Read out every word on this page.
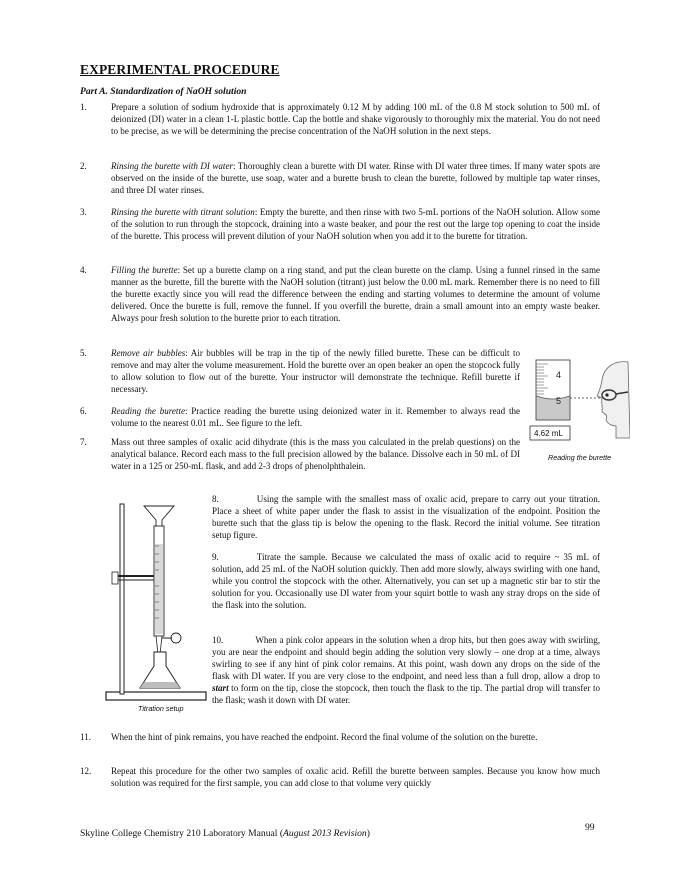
EXPERIMENTAL PROCEDURE
Part A. Standardization of NaOH solution
1.	Prepare a solution of sodium hydroxide that is approximately 0.12 M by adding 100 mL of the 0.8 M stock solution to 500 mL of deionized (DI) water in a clean 1-L plastic bottle. Cap the bottle and shake vigorously to thoroughly mix the material. You do not need to be precise, as we will be determining the precise concentration of the NaOH solution in the next steps.
2.	Rinsing the burette with DI water: Thoroughly clean a burette with DI water. Rinse with DI water three times. If many water spots are observed on the inside of the burette, use soap, water and a burette brush to clean the burette, followed by multiple tap water rinses, and three DI water rinses.
3.	Rinsing the burette with titrant solution: Empty the burette, and then rinse with two 5-mL portions of the NaOH solution. Allow some of the solution to run through the stopcock, draining into a waste beaker, and pour the rest out the large top opening to coat the inside of the burette. This process will prevent dilution of your NaOH solution when you add it to the burette for titration.
4.	Filling the burette: Set up a burette clamp on a ring stand, and put the clean burette on the clamp. Using a funnel rinsed in the same manner as the burette, fill the burette with the NaOH solution (titrant) just below the 0.00 mL mark. Remember there is no need to fill the burette exactly since you will read the difference between the ending and starting volumes to determine the amount of volume delivered. Once the burette is full, remove the funnel. If you overfill the burette, drain a small amount into an empty waste beaker. Always pour fresh solution to the burette prior to each titration.
5.	Remove air bubbles: Air bubbles will be trap in the tip of the newly filled burette. These can be difficult to remove and may alter the volume measurement. Hold the burette over an open beaker an open the stopcock fully to allow solution to flow out of the burette. Your instructor will demonstrate the technique. Refill burette if necessary.
6.	Reading the burette: Practice reading the burette using deionized water in it. Remember to always read the volume to the nearest 0.01 mL. See figure to the left.
7.	Mass out three samples of oxalic acid dihydrate (this is the mass you calculated in the prelab questions) on the analytical balance. Record each mass to the full precision allowed by the balance. Dissolve each in 50 mL of DI water in a 125 or 250-mL flask, and add 2-3 drops of phenolphthalein.
4
5
4.62 mL
Reading the burette
Titration setup
8.	Using the sample with the smallest mass of oxalic acid, prepare to carry out your titration. Place a sheet of white paper under the flask to assist in the visualization of the endpoint. Position the burette such that the glass tip is below the opening to the flask. Record the initial volume. See titration setup figure.
9.	Titrate the sample. Because we calculated the mass of oxalic acid to require ~ 35 mL of solution, add 25 mL of the NaOH solution quickly. Then add more slowly, always swirling with one hand, while you control the stopcock with the other. Alternatively, you can set up a magnetic stir bar to stir the solution for you. Occasionally use DI water from your squirt bottle to wash any stray drops on the side of the flask into the solution.
10.	When a pink color appears in the solution when a drop hits, but then goes away with swirling, you are near the endpoint and should begin adding the solution very slowly – one drop at a time, always swirling to see if any hint of pink color remains. At this point, wash down any drops on the side of the flask with DI water. If you are very close to the endpoint, and need less than a full drop, allow a drop to start to form on the tip, close the stopcock, then touch the flask to the tip. The partial drop will transfer to the flask; wash it down with DI water.
11. When the hint of pink remains, you have reached the endpoint. Record the final volume of the solution on the burette.
12. Repeat this procedure for the other two samples of oxalic acid. Refill the burette between samples. Because you know how much solution was required for the first sample, you can add close to that volume very quickly
99
Skyline College Chemistry 210 Laboratory Manual (August 2013 Revision)
